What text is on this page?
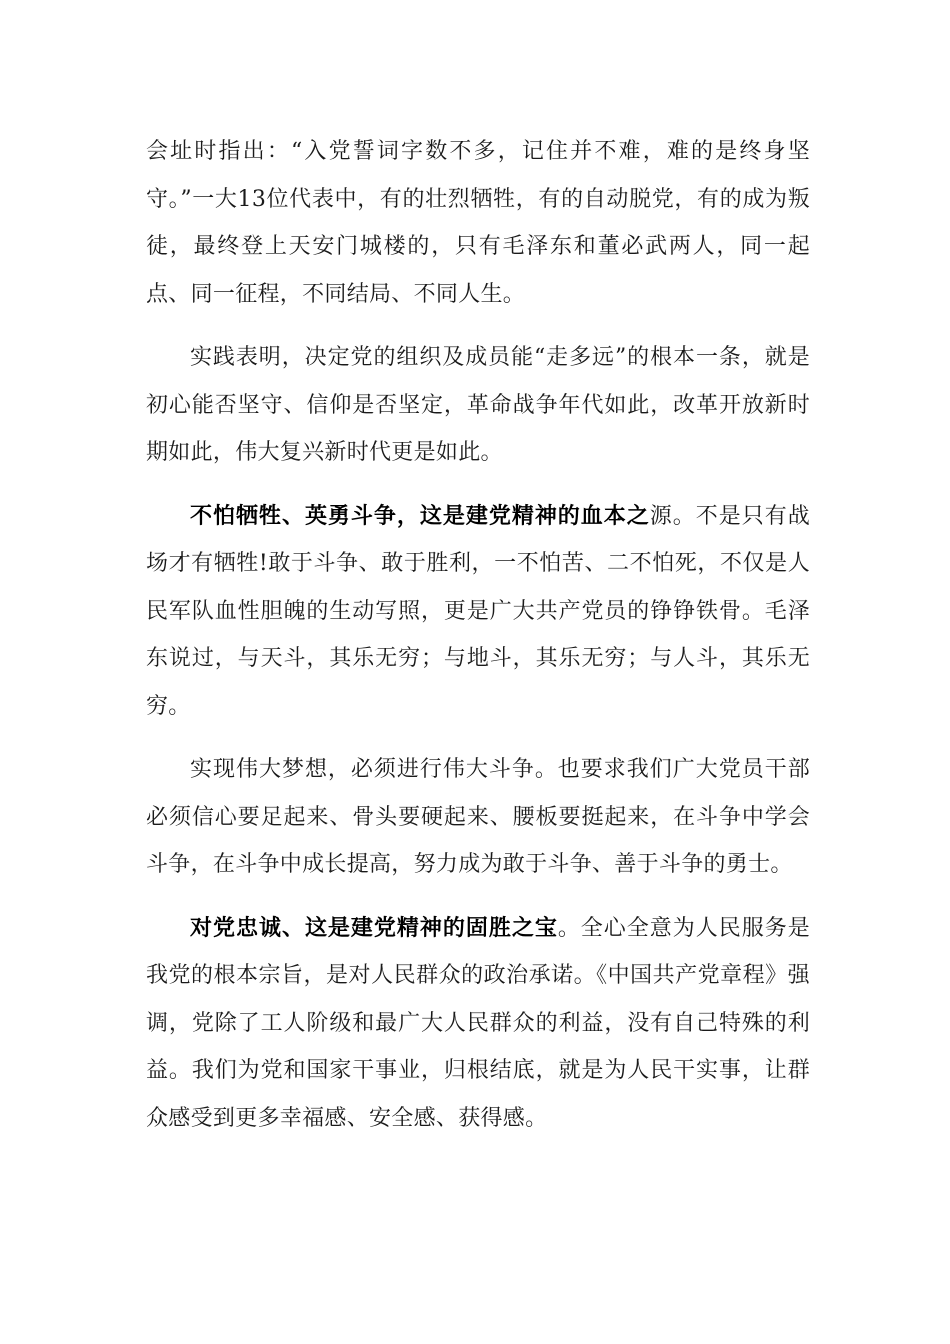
会址时指出：“入党誓词字数不多，记住并不难，难的是终身坚守。”一大13位代表中，有的壮烈牺牲，有的自动脱党，有的成为叛徒，最终登上天安门城楼的，只有毛泽东和董必武两人，同一起点、同一征程，不同结局、不同人生。

实践表明，决定党的组织及成员能“走多远”的根本一条，就是初心能否坚守、信仰是否坚定，革命战争年代如此，改革开放新时期如此，伟大复兴新时代更是如此。

不怕牺牲、英勇斗争，这是建党精神的血本之源。不是只有战场才有牺牲!敢于斗争、敢于胜利，一不怕苦、二不怕死，不仅是人民军队血性胆魄的生动写照，更是广大共产党员的铮铮铁骨。毛泽东说过，与天斗，其乐无穷；与地斗，其乐无穷；与人斗，其乐无穷。

实现伟大梦想，必须进行伟大斗争。也要求我们广大党员干部必须信心要足起来、骨头要硬起来、腰板要挺起来，在斗争中学会斗争，在斗争中成长提高，努力成为敢于斗争、善于斗争的勇士。

对党忠诚、这是建党精神的固胜之宝。全心全意为人民服务是我党的根本宗旨，是对人民群众的政治承诺。《中国共产党章程》强调，党除了工人阶级和最广大人民群众的利益，没有自己特殊的利益。我们为党和国家干事业，归根结底，就是为人民干实事，让群众感受到更多幸福感、安全感、获得感。
